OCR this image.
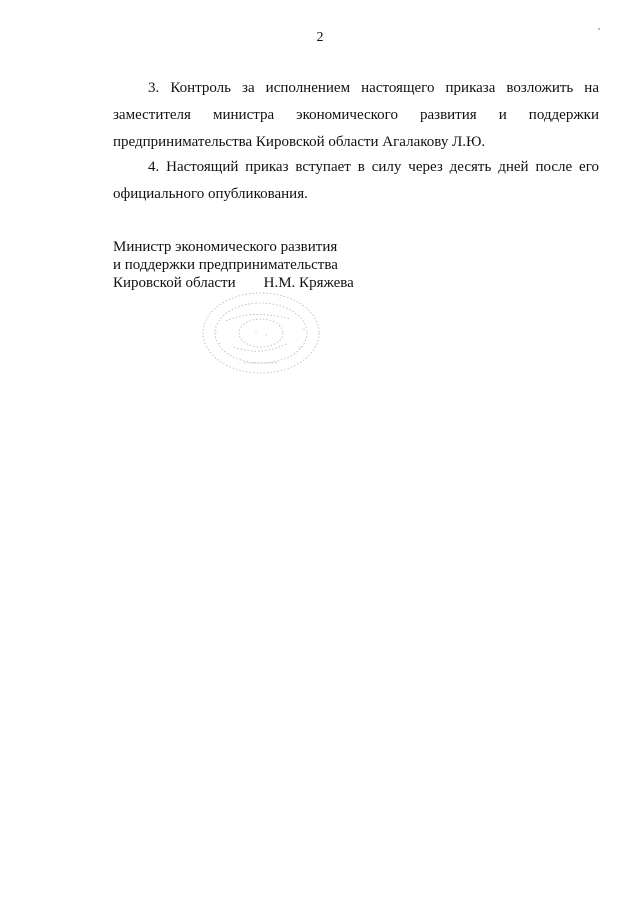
2

3. Контроль за исполнением настоящего приказа возложить на заместителя министра экономического развития и поддержки предпринимательства Кировской области Агалакову Л.Ю.

4. Настоящий приказ вступает в силу через десять дней после его официального опубликования.

Министр экономического развития
и поддержки предпринимательства
Кировской области Н.М. Кряжева
